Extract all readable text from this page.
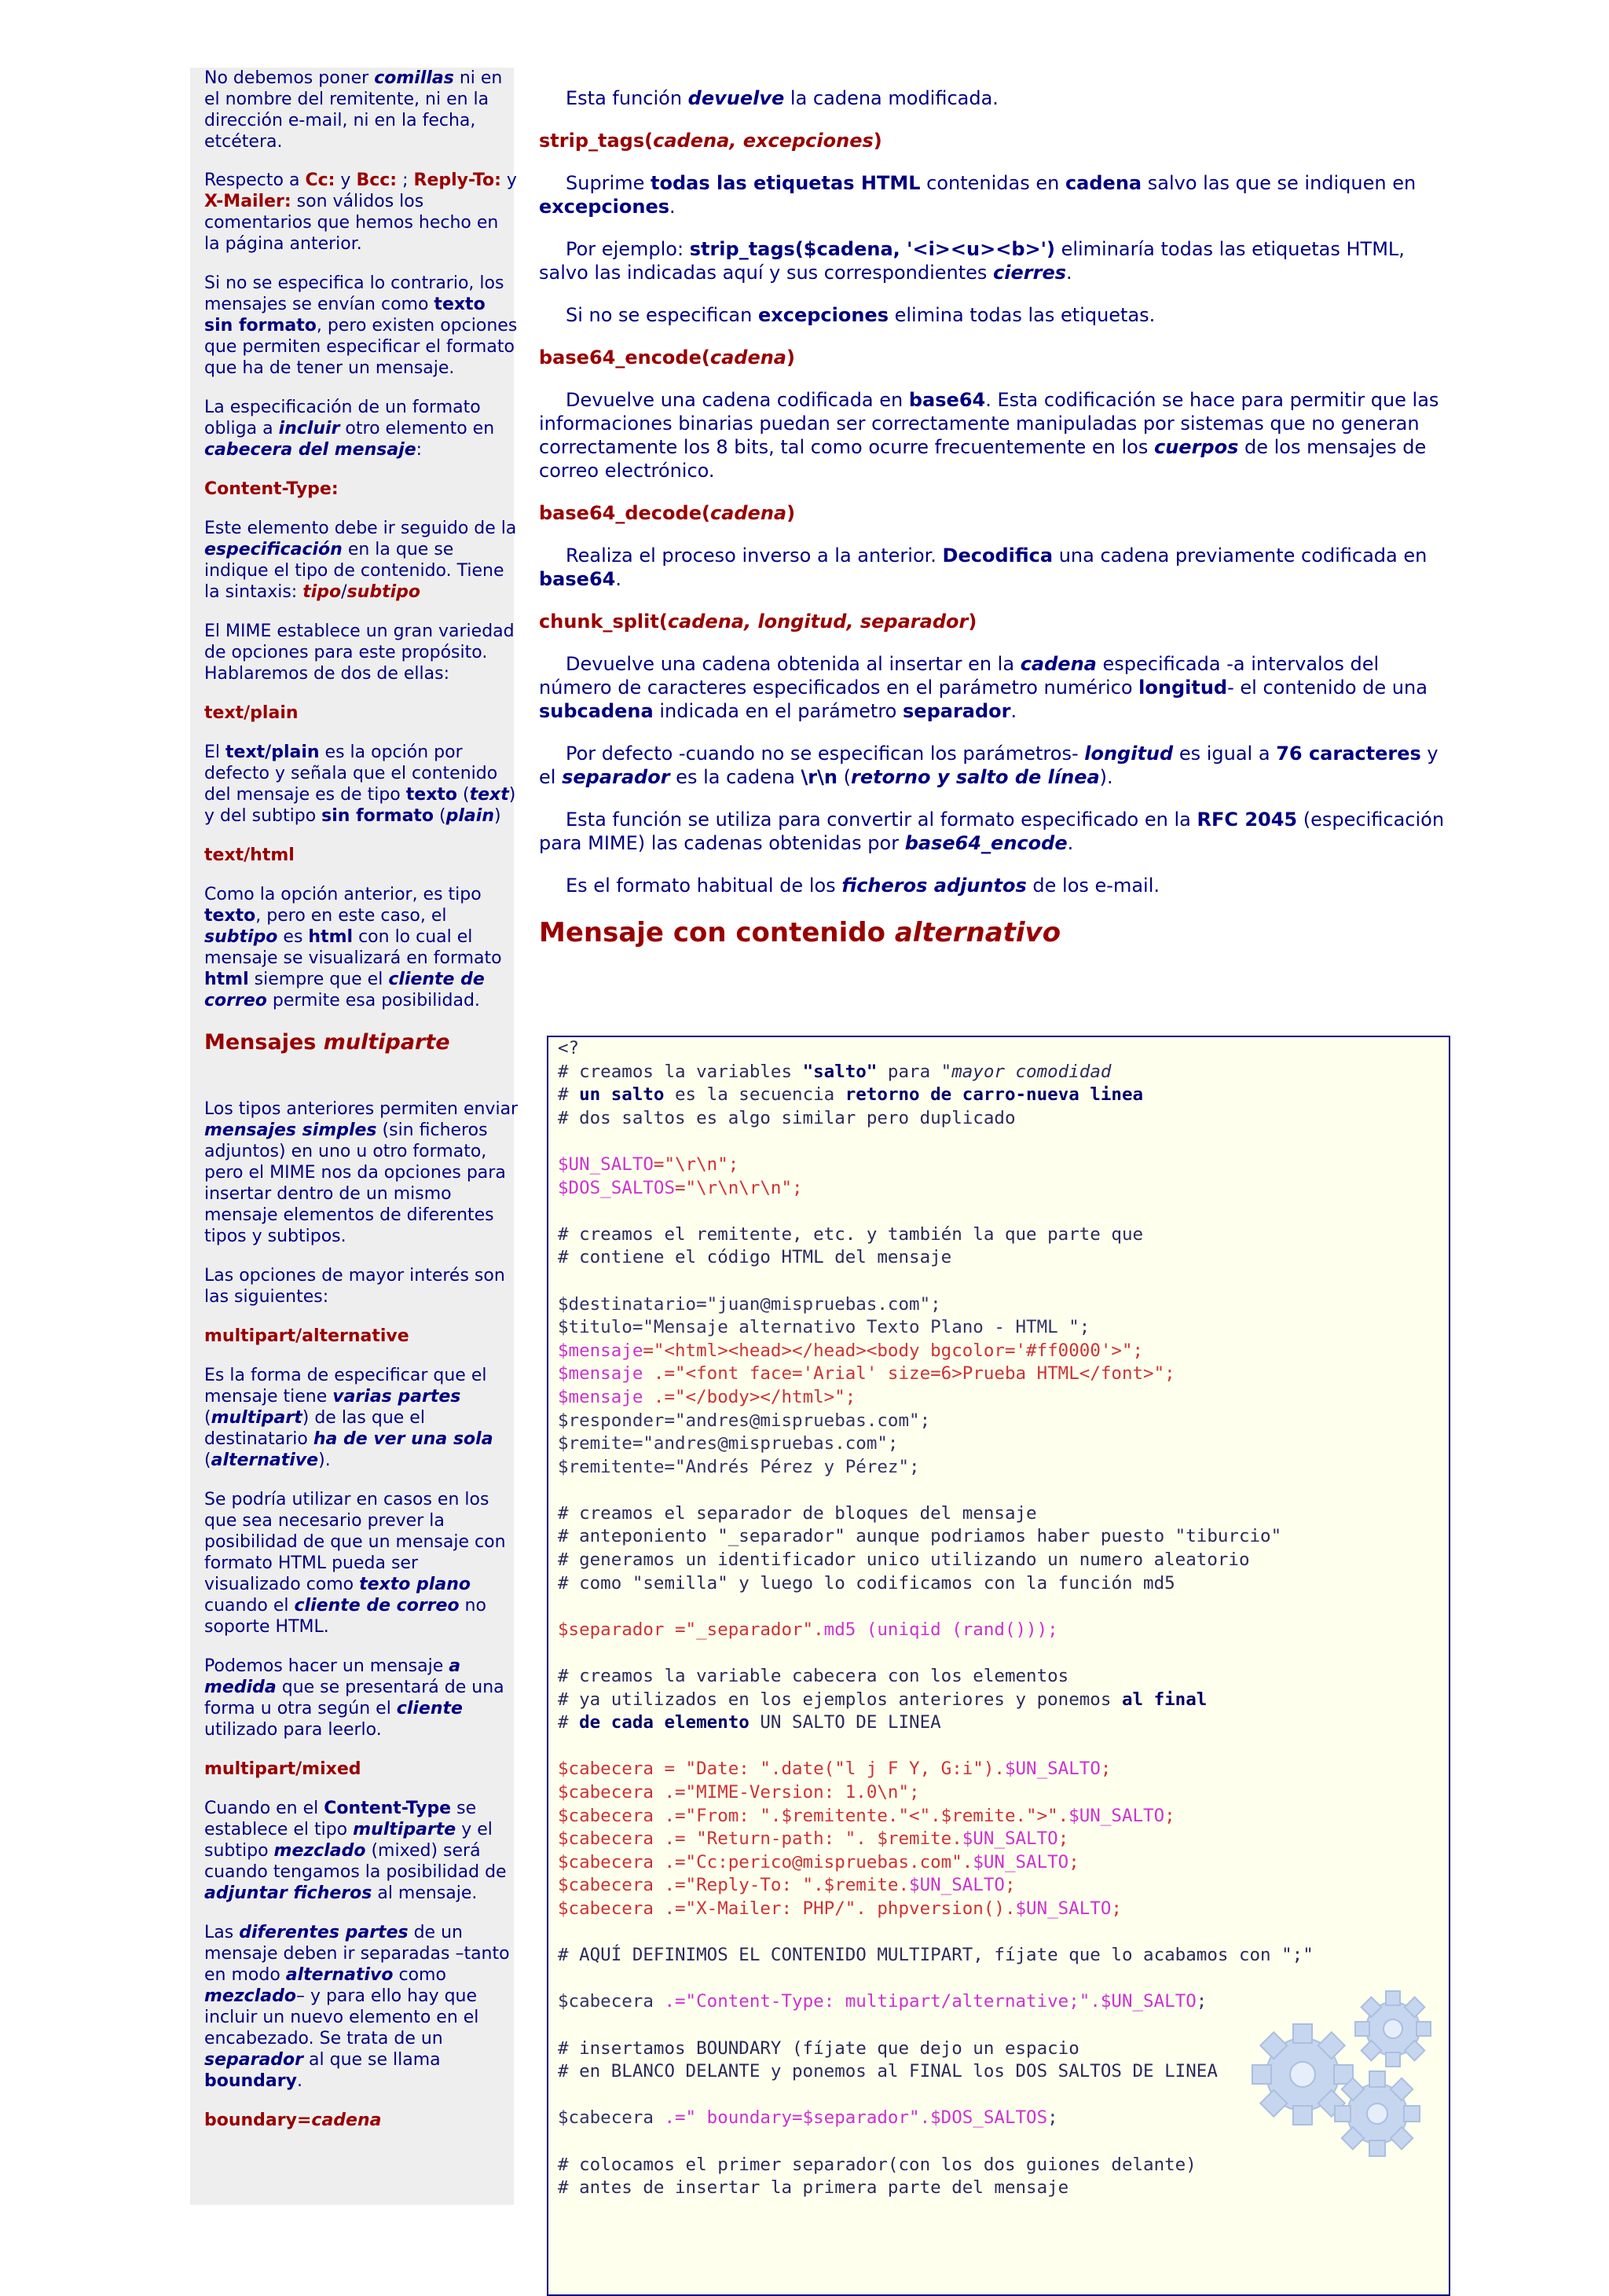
No debemos poner comillas ni en el nombre del remitente, ni en la dirección e-mail, ni en la fecha, etcétera.

Respecto a Cc: y Bcc: ; Reply-To: y X-Mailer: son válidos los comentarios que hemos hecho en la página anterior.

Si no se especifica lo contrario, los mensajes se envían como texto sin formato, pero existen opciones que permiten especificar el formato que ha de tener un mensaje.

La especificación de un formato obliga a incluir otro elemento en cabecera del mensaje:

Content-Type:

Este elemento debe ir seguido de la especificación en la que se indique el tipo de contenido. Tiene la sintaxis: tipo/subtipo

El MIME establece un gran variedad de opciones para este propósito. Hablaremos de dos de ellas:

text/plain

El text/plain es la opción por defecto y señala que el contenido del mensaje es de tipo texto (text) y del subtipo sin formato (plain)

text/html

Como la opción anterior, es tipo texto, pero en este caso, el subtipo es html con lo cual el mensaje se visualizará en formato html siempre que el cliente de correo permite esa posibilidad.

Mensajes multiparte

Los tipos anteriores permiten enviar mensajes simples (sin ficheros adjuntos) en uno u otro formato, pero el MIME nos da opciones para insertar dentro de un mismo mensaje elementos de diferentes tipos y subtipos.

Las opciones de mayor interés son las siguientes:

multipart/alternative

Es la forma de especificar que el mensaje tiene varias partes (multipart) de las que el destinatario ha de ver una sola (alternative).

Se podría utilizar en casos en los que sea necesario prever la posibilidad de que un mensaje con formato HTML pueda ser visualizado como texto plano cuando el cliente de correo no soporte HTML.

Podemos hacer un mensaje a medida que se presentará de una forma u otra según el cliente utilizado para leerlo.

multipart/mixed

Cuando en el Content-Type se establece el tipo multiparte y el subtipo mezclado (mixed) será cuando tengamos la posibilidad de adjuntar ficheros al mensaje.

Las diferentes partes de un mensaje deben ir separadas –tanto en modo alternativo como mezclado– y para ello hay que incluir un nuevo elemento en el encabezado. Se trata de un separador al que se llama boundary.

boundary=cadena

Esta función devuelve la cadena modificada.

strip_tags(cadena, excepciones)

Suprime todas las etiquetas HTML contenidas en cadena salvo las que se indiquen en excepciones.

Por ejemplo: strip_tags($cadena, '<i><u><b>') eliminaría todas las etiquetas HTML, salvo las indicadas aquí y sus correspondientes cierres.

Si no se especifican excepciones elimina todas las etiquetas.

base64_encode(cadena)

Devuelve una cadena codificada en base64. Esta codificación se hace para permitir que las informaciones binarias puedan ser correctamente manipuladas por sistemas que no generan correctamente los 8 bits, tal como ocurre frecuentemente en los cuerpos de los mensajes de correo electrónico.

base64_decode(cadena)

Realiza el proceso inverso a la anterior. Decodifica una cadena previamente codificada en base64.

chunk_split(cadena, longitud, separador)

Devuelve una cadena obtenida al insertar en la cadena especificada -a intervalos del número de caracteres especificados en el parámetro numérico longitud- el contenido de una subcadena indicada en el parámetro separador.

Por defecto -cuando no se especifican los parámetros- longitud es igual a 76 caracteres y el separador es la cadena \r\n (retorno y salto de línea).

Esta función se utiliza para convertir al formato especificado en la RFC 2045 (especificación para MIME) las cadenas obtenidas por base64_encode.

Es el formato habitual de los ficheros adjuntos de los e-mail.

Mensaje con contenido alternativo
<?
# creamos la variables "salto" para "mayor comodidad
# un salto es la secuencia retorno de carro-nueva linea
# dos saltos es algo similar pero duplicado
$UN_SALTO="\r\n";
$DOS_SALTOS="\r\n\r\n";
# creamos el remitente, etc. y también la que parte que
# contiene el código HTML del mensaje
$destinatario="juan@mispruebas.com";
$titulo="Mensaje alternativo Texto Plano - HTML ";
$mensaje="<html><head></head><body bgcolor='#ff0000'>";
$mensaje .="<font face='Arial' size=6>Prueba HTML</font>";
$mensaje .="</body></html>";
$responder="andres@mispruebas.com";
$remite="andres@mispruebas.com";
$remitente="Andrés Pérez y Pérez";
# creamos el separador de bloques del mensaje
# anteponiento "_separador" aunque podriamos haber puesto "tiburcio"
# generamos un identificador unico utilizando un numero aleatorio
# como "semilla" y luego lo codificamos con la función md5
$separador ="_separador".md5 (uniqid (rand()));
# creamos la variable cabecera con los elementos
# ya utilizados en los ejemplos anteriores y ponemos al final
# de cada elemento UN SALTO DE LINEA
$cabecera = "Date: ".date("l j F Y, G:i").$UN_SALTO;
$cabecera .="MIME-Version: 1.0\n";
$cabecera .="From: ".$remitente."<".$remite.">".$UN_SALTO;
$cabecera .= "Return-path: ". $remite.$UN_SALTO;
$cabecera .="Cc:perico@mispruebas.com".$UN_SALTO;
$cabecera .="Reply-To: ".$remite.$UN_SALTO;
$cabecera .="X-Mailer: PHP/". phpversion().$UN_SALTO;
# AQUÍ DEFINIMOS EL CONTENIDO MULTIPART, fíjate que lo acabamos con ";"
$cabecera .="Content-Type: multipart/alternative;".$UN_SALTO;
# insertamos BOUNDARY (fíjate que dejo un espacio
# en BLANCO DELANTE y ponemos al FINAL los DOS SALTOS DE LINEA
$cabecera .=" boundary=$separador".$DOS_SALTOS;
# colocamos el primer separador(con los dos guiones delante)
# antes de insertar la primera parte del mensaje
